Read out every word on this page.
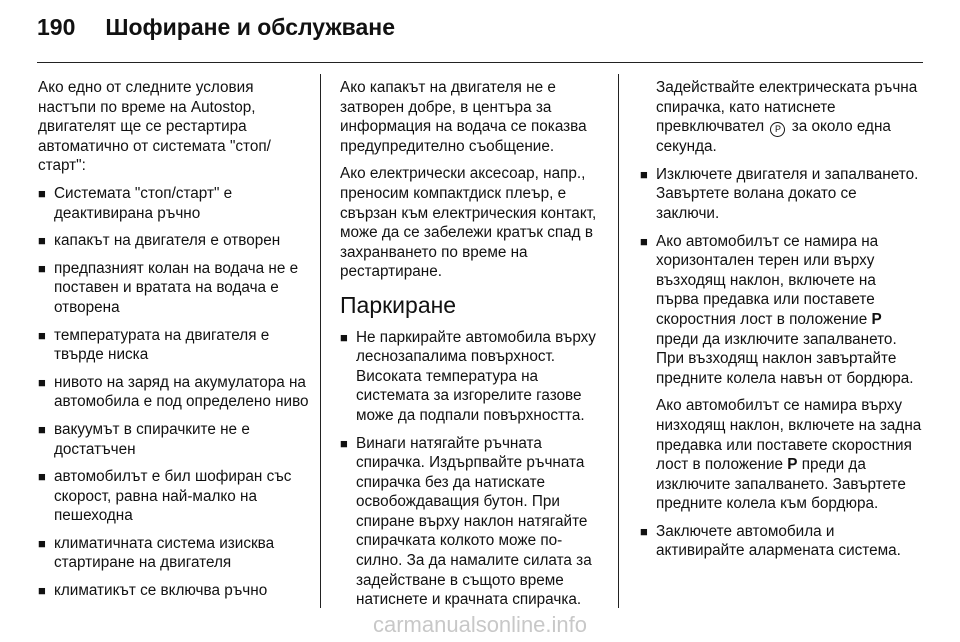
190 Шофиране и обслужване

Ако едно от следните условия настъпи по време на Autostop, двигателят ще се рестартира автоматично от системата "стоп/старт":

■ Системата "стоп/старт" е деактивирана ръчно
■ капакът на двигателя е отворен
■ предпазният колан на водача не е поставен и вратата на водача е отворена
■ температурата на двигателя е твърде ниска
■ нивото на заряд на акумулатора на автомобила е под определено ниво
■ вакуумът в спирачките не е достатъчен
■ автомобилът е бил шофиран със скорост, равна най-малко на пешеходна
■ климатичната система изисква стартиране на двигателя
■ климатикът се включва ръчно

Ако капакът на двигателя не е затворен добре, в центъра за информация на водача се показва предупредително съобщение.

Ако електрически аксесоар, напр., преносим компактдиск плеър, е свързан към електрическия контакт, може да се забележи кратък спад в захранването по време на рестартиране.

Паркиране
■ Не паркирайте автомобила върху леснозапалима повърхност. Високата температура на системата за изгорелите газове може да подпали повърхността.
■ Винаги натягайте ръчната спирачка. Издърпвайте ръчната спирачка без да натискате освобождаващия бутон. При спиране върху наклон натягайте спирачката колкото може по-силно. За да намалите силата за задействане в същото време натиснете и крачната спирачка.

Задействайте електрическата ръчна спирачка, като натиснете превключвател P за около една секунда.

■ Изключете двигателя и запалването. Завъртете волана докато се заключи.
■ Ако автомобилът се намира на хоризонтален терен или върху възходящ наклон, включете на първа предавка или поставете скоростния лост в положение P преди да изключите запалването. При възходящ наклон завъртайте предните колела навън от бордюра.

Ако автомобилът се намира върху низходящ наклон, включете на задна предавка или поставете скоростния лост в положение P преди да изключите запалването. Завъртете предните колела към бордюра.

■ Заключете автомобила и активирайте алармената система.
carmanualsonline.info
